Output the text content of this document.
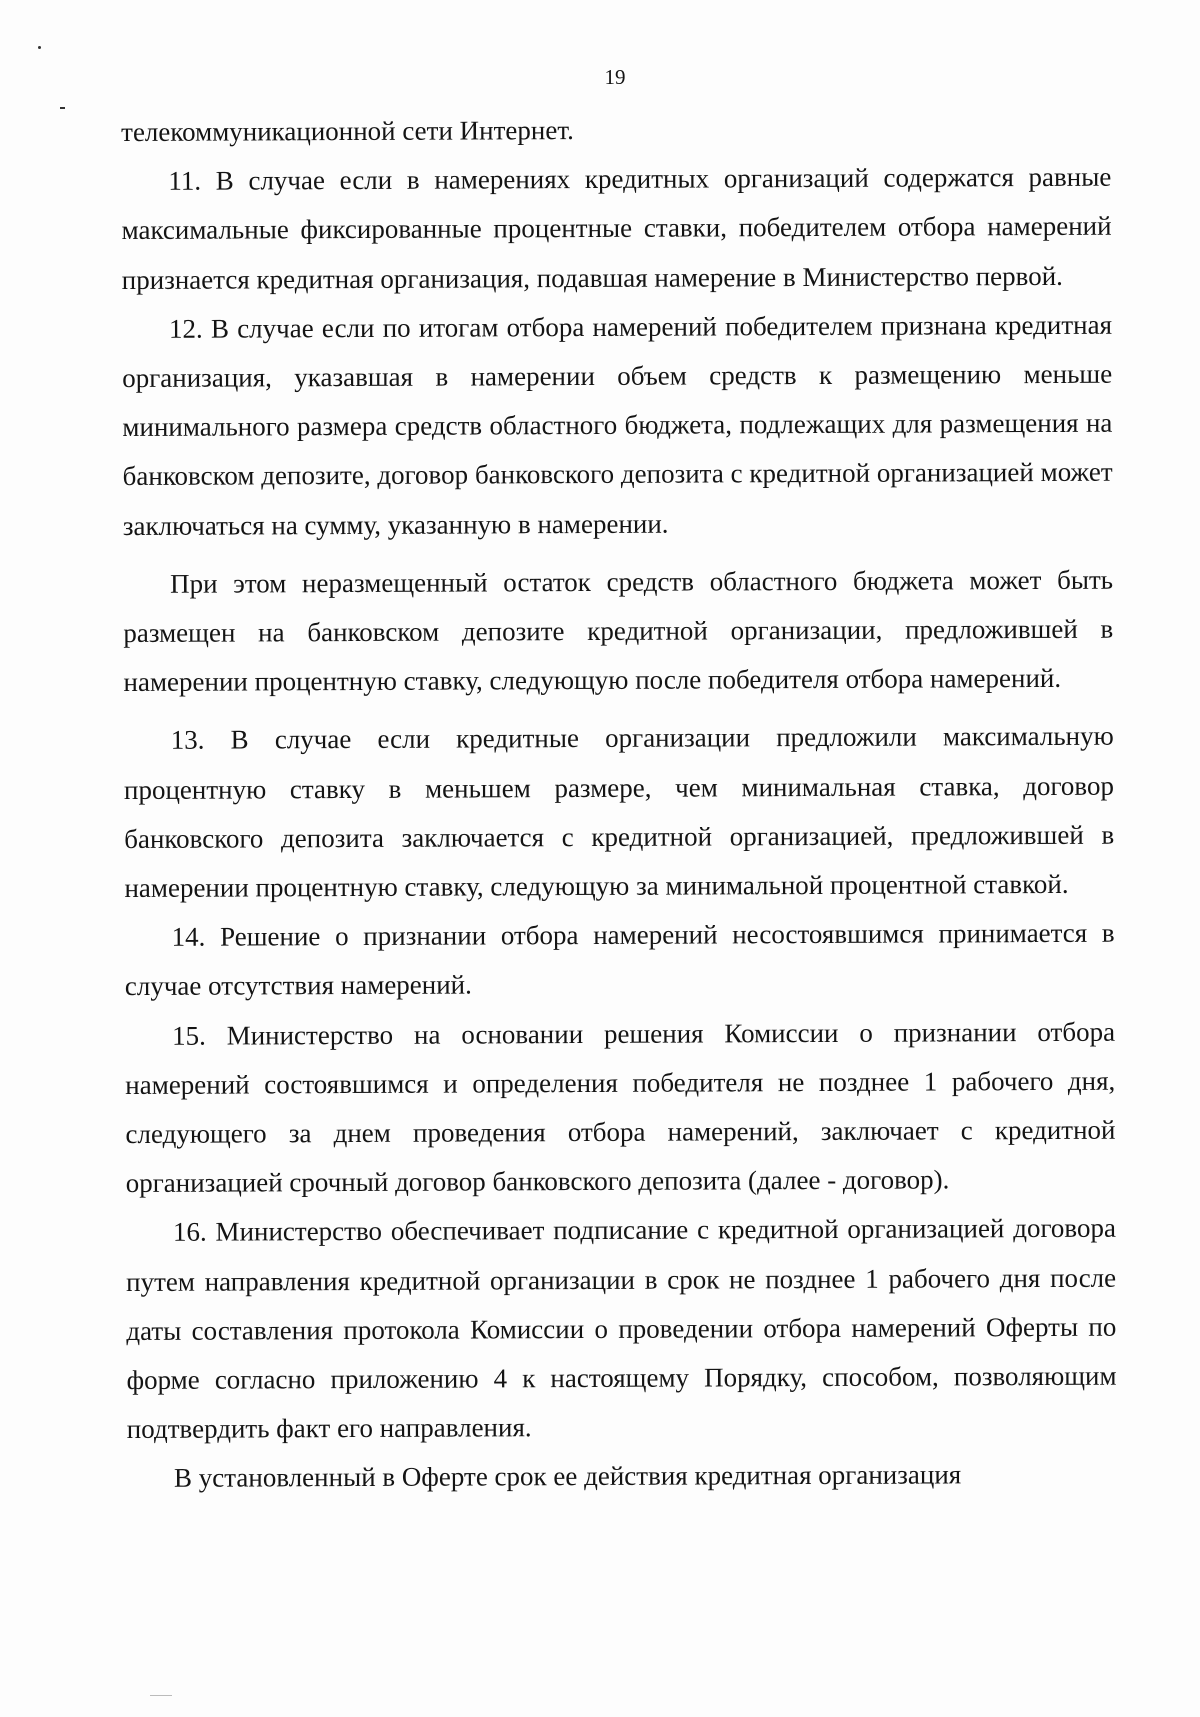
19

телекоммуникационной сети Интернет.

11. В случае если в намерениях кредитных организаций содержатся равные максимальные фиксированные процентные ставки, победителем отбора намерений признается кредитная организация, подавшая намерение в Министерство первой.

12. В случае если по итогам отбора намерений победителем признана кредитная организация, указавшая в намерении объем средств к размещению меньше минимального размера средств областного бюджета, подлежащих для размещения на банковском депозите, договор банковского депозита с кредитной организацией может заключаться на сумму, указанную в намерении.

При этом неразмещенный остаток средств областного бюджета может быть размещен на банковском депозите кредитной организации, предложившей в намерении процентную ставку, следующую после победителя отбора намерений.

13. В случае если кредитные организации предложили максимальную процентную ставку в меньшем размере, чем минимальная ставка, договор банковского депозита заключается с кредитной организацией, предложившей в намерении процентную ставку, следующую за минимальной процентной ставкой.

14. Решение о признании отбора намерений несостоявшимся принимается в случае отсутствия намерений.

15. Министерство на основании решения Комиссии о признании отбора намерений состоявшимся и определения победителя не позднее 1 рабочего дня, следующего за днем проведения отбора намерений, заключает с кредитной организацией срочный договор банковского депозита (далее - договор).

16. Министерство обеспечивает подписание с кредитной организацией договора путем направления кредитной организации в срок не позднее 1 рабочего дня после даты составления протокола Комиссии о проведении отбора намерений Оферты по форме согласно приложению 4 к настоящему Порядку, способом, позволяющим подтвердить факт его направления.

В установленный в Оферте срок ее действия кредитная организация
